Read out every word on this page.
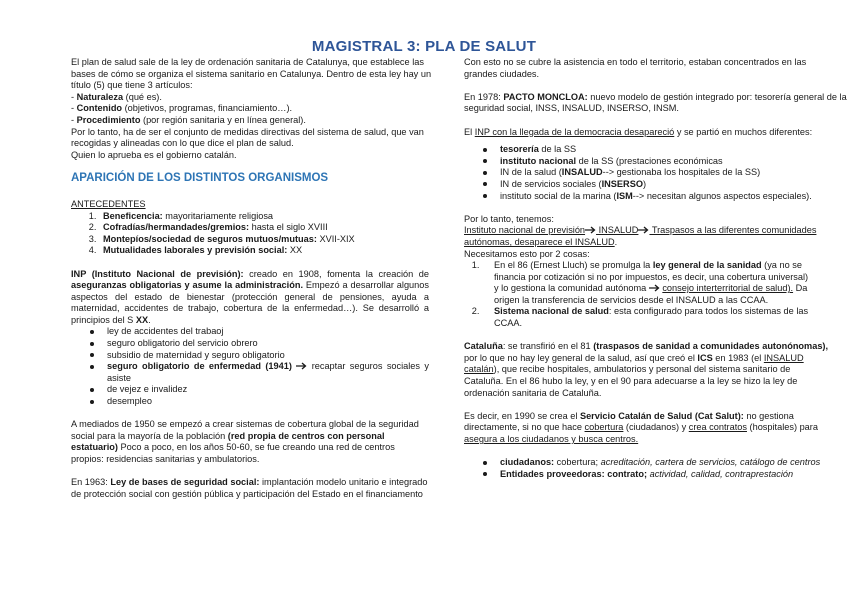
MAGISTRAL 3: PLA DE SALUT

El plan de salud sale de la ley de ordenación sanitaria de Catalunya, que establece las

bases de cómo se organiza el sistema sanitario en Catalunya. Dentro de esta ley hay un

título (5) que tiene 3 artículos:

- Naturaleza (qué es).

- Contenido (objetivos, programas, financiamiento…).

- Procedimiento (por región sanitaria y en línea general).

Por lo tanto, ha de ser el conjunto de medidas directivas del sistema de salud, que van

recogidas y alineadas con lo que dice el plan de salud.

Quien lo aprueba es el gobierno catalán.

APARICIÓN DE LOS DISTINTOS ORGANISMOS

ANTECEDENTES

1. Beneficencia: mayoritariamente religiosa
2. Cofradías/hermandades/gremios: hasta el siglo XVIII
3. Montepíos/sociedad de seguros mutuos/mutuas: XVII-XIX
4. Mutualidades laborales y previsión social: XX

INP (Instituto Nacional de previsión): creado en 1908, fomenta la creación de aseguranzas obligatorias y asume la administración. Empezó a desarrollar algunos aspectos del estado de bienestar (protección general de pensiones, ayuda a maternidad, accidentes de trabajo, cobertura de la enfermedad…). Se desarrolló a principios del S XX.

ley de accidentes del trabaoj
seguro obligatorio del servicio obrero
subsidio de maternidad y seguro obligatorio
seguro obligatorio de enfermedad (1941) recaptar seguros sociales y asiste
de vejez e invalidez
desempleo

A mediados de 1950 se empezó a crear sistemas de cobertura global de la seguridad social para la mayoría de la población (red propia de centros con personal estatuario) Poco a poco, en los años 50-60, se fue creando una red de centros propios: residencias sanitarias y ambulatorios.

En 1963: Ley de bases de seguridad social: implantación modelo unitario e integrado de protección social con gestión pública y participación del Estado en el financiamento

Con esto no se cubre la asistencia en todo el territorio, estaban concentrados en las

grandes ciudades.

En 1978: PACTO MONCLOA: nuevo modelo de gestión integrado por: tesorería general de la

seguridad social, INSS, INSALUD, INSERSO, INSM.

El INP con la llegada de la democracia desapareció y se partió en muchos diferentes:

tesorería de la SS
instituto nacional de la SS (prestaciones económicas
IN de la salud (INSALUD--> gestionaba los hospitales de la SS)
IN de servicios sociales (INSERSO)
instituto social de la marina (ISM--> necesitan algunos aspectos especiales).

Por lo tanto, tenemos:

Instituto nacional de previsión INSALUD Traspasos a las diferentes comunidades

autónomas, desaparece el INSALUD.

Necesitamos esto por 2 cosas:

1. En el 86 (Ernest Lluch) se promulga la ley general de la sanidad (ya no se
financia por cotización si no por impuestos, es decir, una cobertura universal)
y lo gestiona la comunidad autónoma  consejo interterritorial de salud). Da
origen la transferencia de servicios desde el INSALUD a las CCAA.
2. Sistema nacional de salud: esta configurado para todos los sistemas de las
CCAA.

Cataluña: se transfirió en el 81 (traspasos de sanidad a comunidades autonónomas),

por lo que no hay ley general de la salud, así que creó el ICS en 1983 (el INSALUD

catalán), que recibe hospitales, ambulatorios y personal del sistema sanitario de

Cataluña. En el 86 hubo la ley, y en el 90 para adecuarse a la ley se hizo la ley de

ordenación sanitaria de Cataluña.

Es decir, en 1990 se crea el Servicio Catalán de Salud (Cat Salut): no gestiona

directamente, si no que hace cobertura (ciudadanos) y crea contratos (hospitales) para

asegura a los ciudadanos y busca centros.

ciudadanos: cobertura; acreditación, cartera de servicios, catálogo de centros
Entidades proveedoras: contrato; actividad, calidad, contraprestación
